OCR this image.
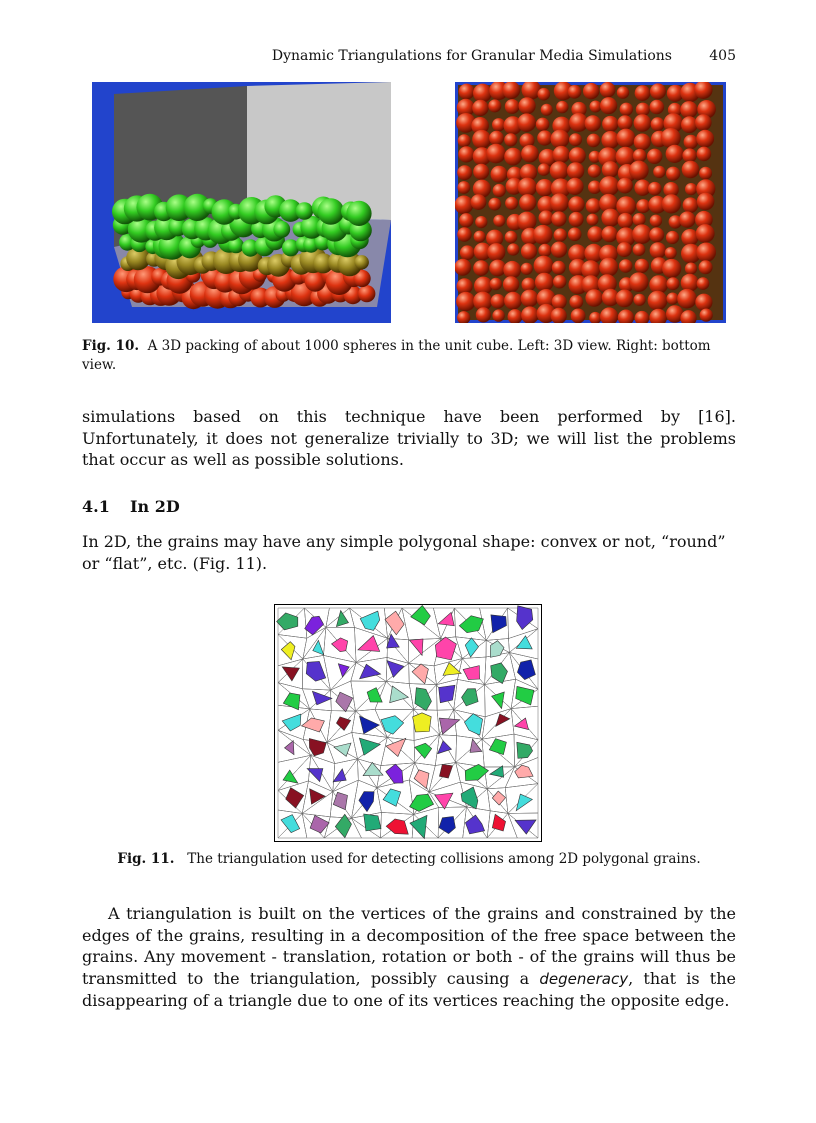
Dynamic Triangulations for Granular Media Simulations	405
Fig. 10. A 3D packing of about 1000 spheres in the unit cube. Left: 3D view. Right: bottom view.
simulations based on this technique have been performed by [16]. Unfortunately, it does not generalize trivially to 3D; we will list the problems that occur as well as possible solutions.
4.1 In 2D
In 2D, the grains may have any simple polygonal shape: convex or not, “round” or “flat”, etc. (Fig. 11).
Fig. 11. The triangulation used for detecting collisions among 2D polygonal grains.
A triangulation is built on the vertices of the grains and constrained by the edges of the grains, resulting in a decomposition of the free space between the grains. Any movement - translation, rotation or both - of the grains will thus be transmitted to the triangulation, possibly causing a degeneracy, that is the disappearing of a triangle due to one of its vertices reaching the opposite edge.
